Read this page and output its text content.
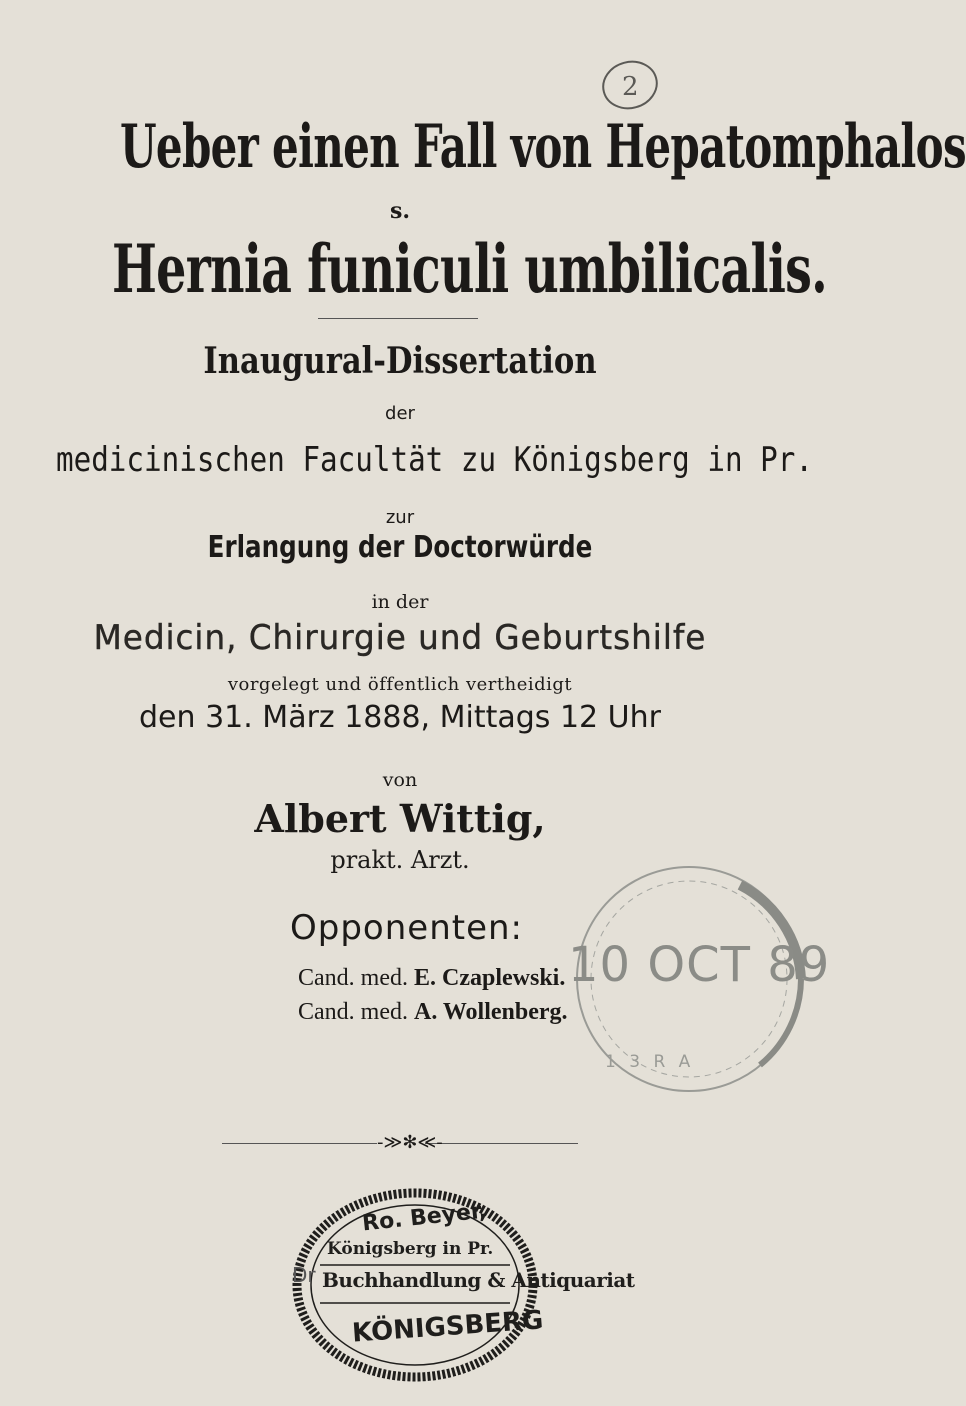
2
Ueber einen Fall von Hepatomphalos
s.
Hernia funiculi umbilicalis.
Inaugural-Dissertation
der
medicinischen Facultät zu Königsberg in Pr.
zur
Erlangung der Doctorwürde
in der
Medicin, Chirurgie und Geburtshilfe
vorgelegt und öffentlich vertheidigt
den 31. März 1888, Mittags 12 Uhr
von
Albert Wittig,
prakt. Arzt.
Opponenten:
Cand. med. E. Czaplewski.
Cand. med. A. Wollenberg.
10 OCT 89
1 3 R A
-≫✻≪-
Dr
Ro. Beyer,
Königsberg in Pr.
Buchhandlung & Antiquariat
KÖNIGSBERG
